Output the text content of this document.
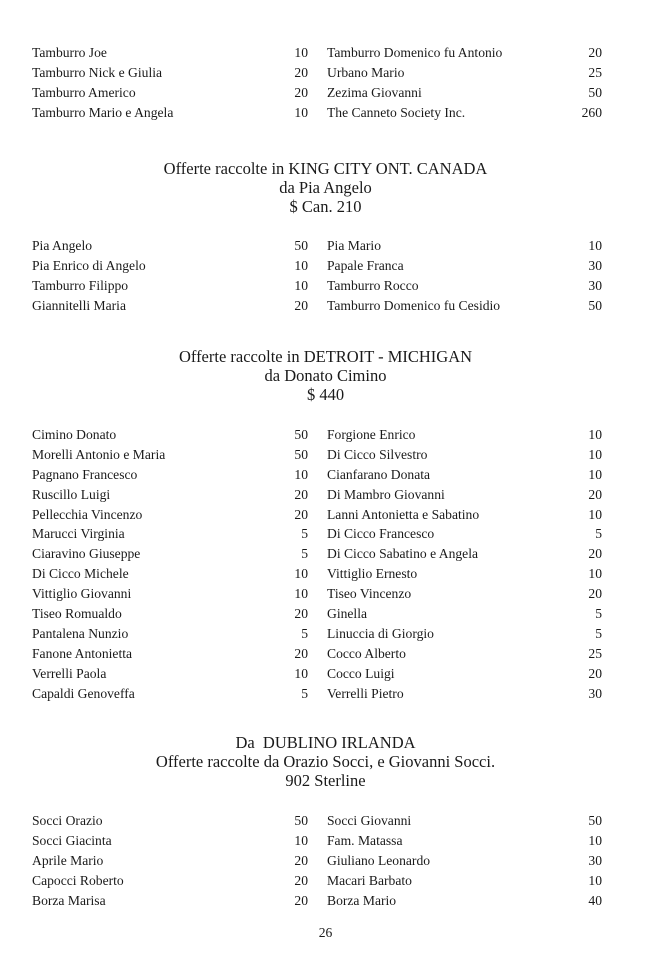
Tamburro Joe	10 Tamburro Domenico fu Antonio	20
Tamburro Nick e Giulia	20 Urbano Mario	25
Tamburro Americo	20 Zezima Giovanni	50
Tamburro Mario e Angela	10 The Canneto Society Inc.	260
Offerte raccolte in KING CITY ONT. CANADA
da Pia Angelo
$ Can. 210
Pia Angelo	50 Pia Mario	10
Pia Enrico di Angelo	10 Papale Franca	30
Tamburro Filippo	10 Tamburro Rocco	30
Giannitelli Maria	20 Tamburro Domenico fu Cesidio	50
Offerte raccolte in DETROIT - MICHIGAN
da Donato Cimino
$ 440
Cimino Donato	50 Forgione Enrico	10
Morelli Antonio e Maria	50 Di Cicco Silvestro	10
Pagnano Francesco	10 Cianfarano Donata	10
Ruscillo Luigi	20 Di Mambro Giovanni	20
Pellecchia Vincenzo	20 Lanni Antonietta e Sabatino	10
Marucci Virginia	5 Di Cicco Francesco	5
Ciaravino Giuseppe	5 Di Cicco Sabatino e Angela	20
Di Cicco Michele	10 Vittiglio Ernesto	10
Vittiglio Giovanni	10 Tiseo Vincenzo	20
Tiseo Romualdo	20 Ginella	5
Pantalena Nunzio	5 Linuccia di Giorgio	5
Fanone Antonietta	20 Cocco Alberto	25
Verrelli Paola	10 Cocco Luigi	20
Capaldi Genoveffa	5 Verrelli Pietro	30
Da  DUBLINO IRLANDA
Offerte raccolte da Orazio Socci, e Giovanni Socci.
902 Sterline
Socci Orazio	50 Socci Giovanni	50
Socci Giacinta	10 Fam. Matassa	10
Aprile Mario	20 Giuliano Leonardo	30
Capocci Roberto	20 Macari Barbato	10
Borza Marisa	20 Borza Mario	40
26
